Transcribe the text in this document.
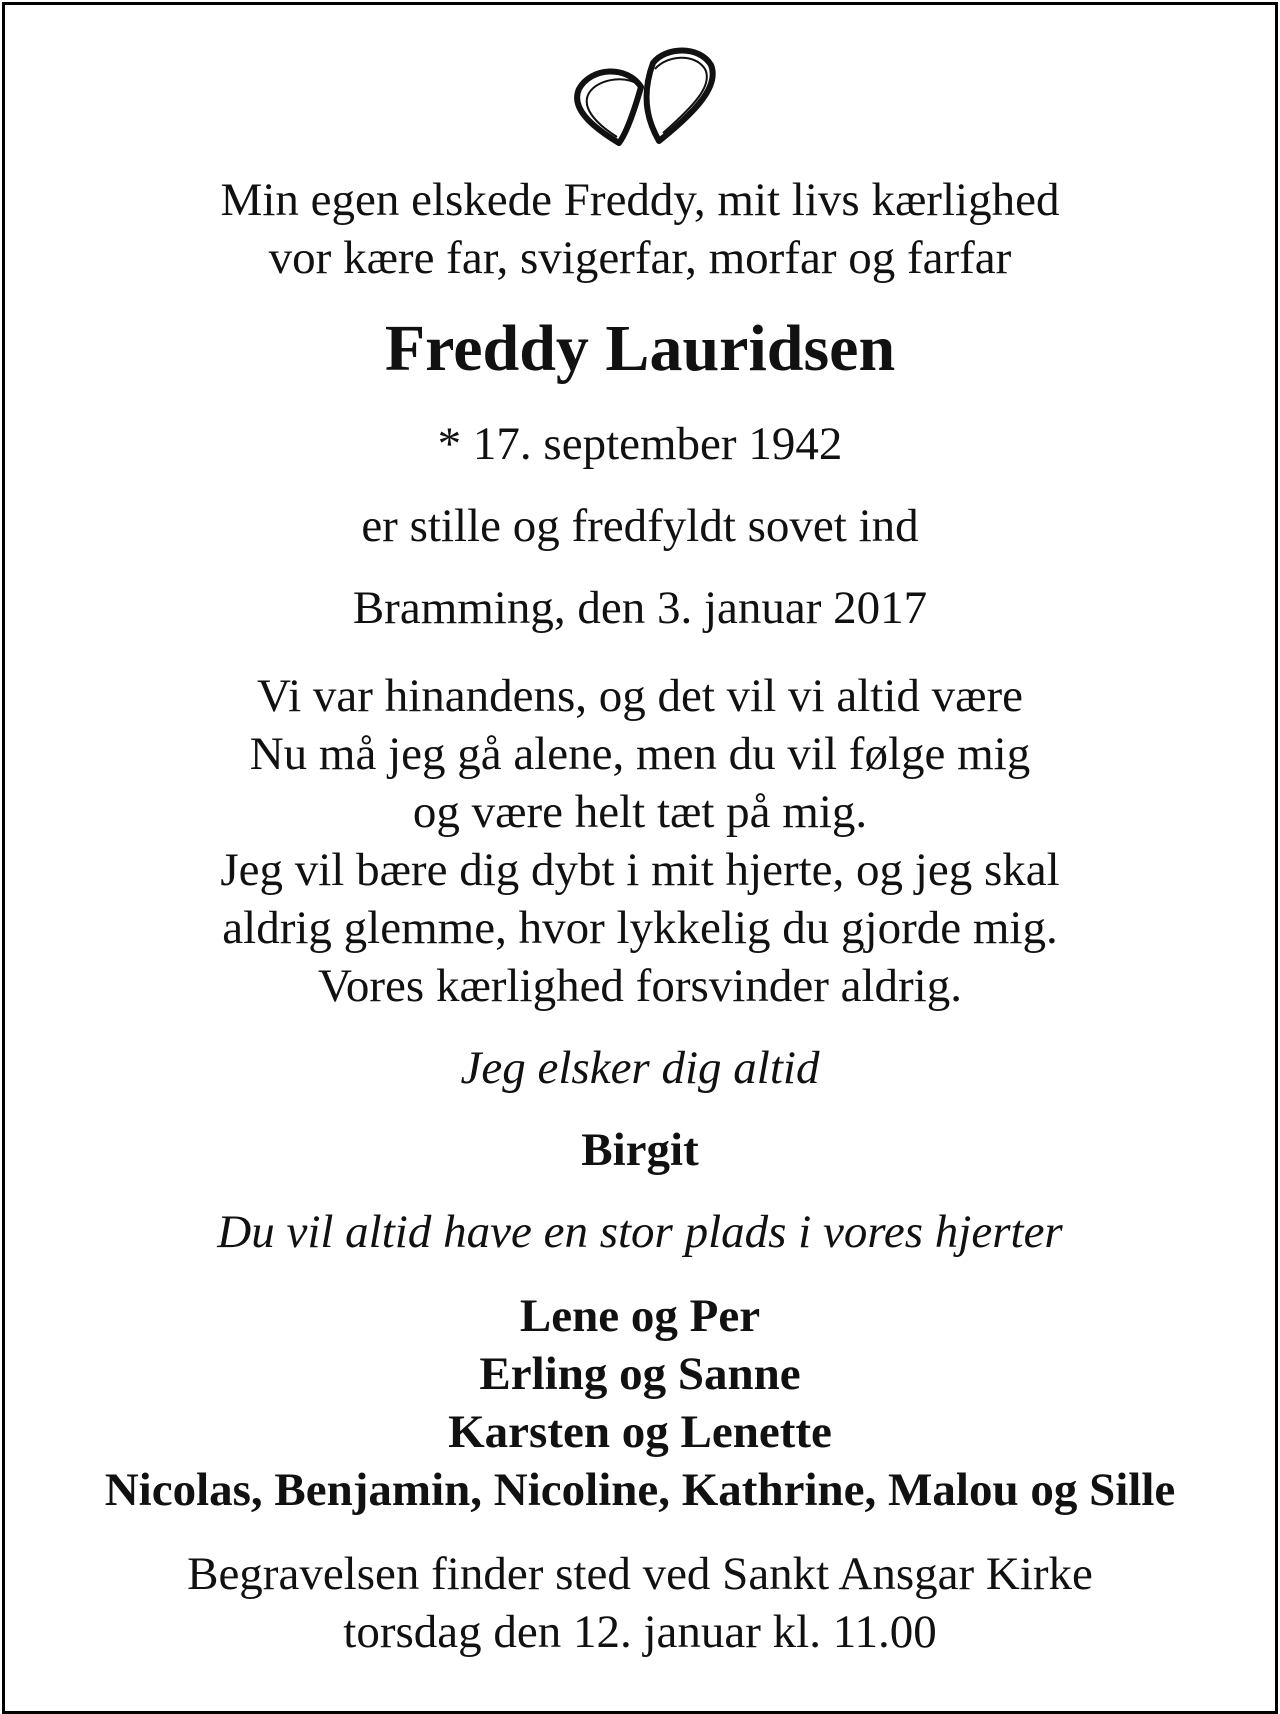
Min egen elskede Freddy, mit livs kærlighed
vor kære far, svigerfar, morfar og farfar
Freddy Lauridsen
* 17. september 1942
er stille og fredfyldt sovet ind
Bramming, den 3. januar 2017
Vi var hinandens, og det vil vi altid være
Nu må jeg gå alene, men du vil følge mig
og være helt tæt på mig.
Jeg vil bære dig dybt i mit hjerte, og jeg skal
aldrig glemme, hvor lykkelig du gjorde mig.
Vores kærlighed forsvinder aldrig.
Jeg elsker dig altid
Birgit
Du vil altid have en stor plads i vores hjerter
Lene og Per
Erling og Sanne
Karsten og Lenette
Nicolas, Benjamin, Nicoline, Kathrine, Malou og Sille
Begravelsen finder sted ved Sankt Ansgar Kirke
torsdag den 12. januar kl. 11.00
